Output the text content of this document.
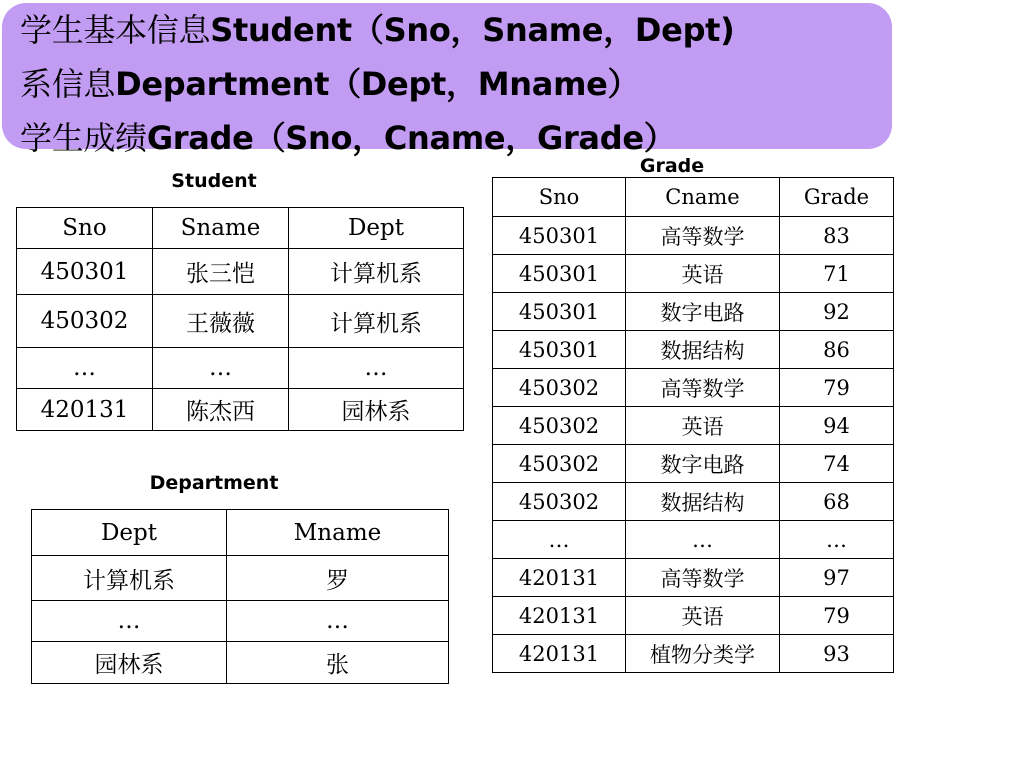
学生基本信息Student（Sno，Sname，Dept)
系信息Department（Dept，Mname）
学生成绩Grade（Sno，Cname，Grade）
Student
Sno	Sname	Dept
450301	张三恺	计算机系
450302	王薇薇	计算机系
…	…	…
420131	陈杰西	园林系
Department
Dept	Mname
计算机系	罗
…	…
园林系	张
Grade
Sno	Cname	Grade
450301	高等数学	83
450301	英语	71
450301	数字电路	92
450301	数据结构	86
450302	高等数学	79
450302	英语	94
450302	数字电路	74
450302	数据结构	68
…	…	…
420131	高等数学	97
420131	英语	79
420131	植物分类学	93
